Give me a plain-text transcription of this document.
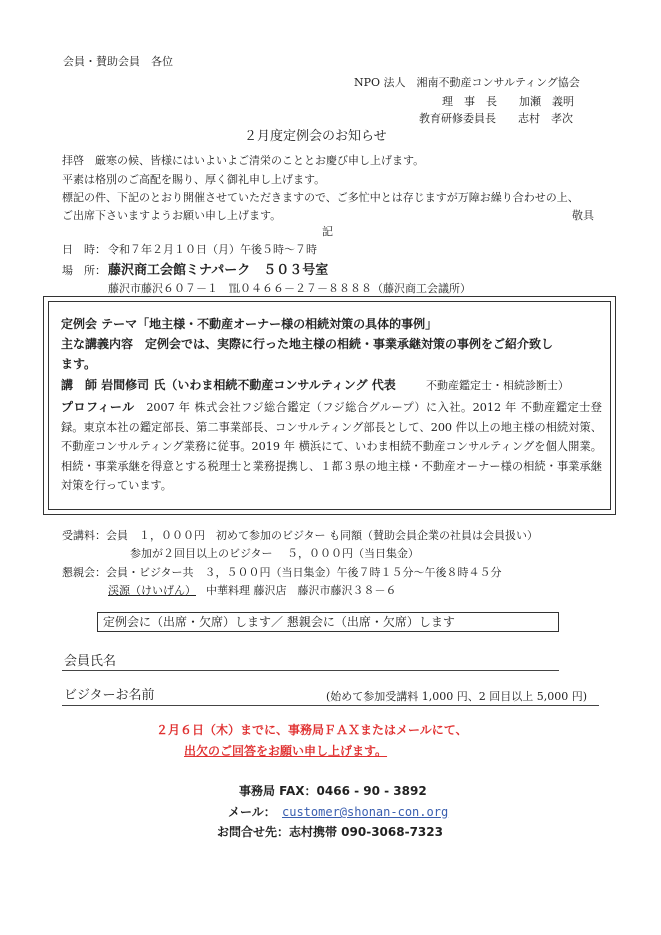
会員・賛助会員　各位
NPO 法人　湘南不動産コンサルティング協会
理　事　長　　加瀬　義明
教育研修委員長　　志村　孝次
２月度定例会のお知らせ
拝啓　厳寒の候、皆様にはいよいよご清栄のこととお慶び申し上げます。
平素は格別のご高配を賜り、厚く御礼申し上げます。
標記の件、下記のとおり開催させていただきますので、ご多忙中とは存じますが万障お繰り合わせの上、
ご出席下さいますようお願い申し上げます。	敬具
記
日　時： 令和７年２月１０日（月）午後５時～７時
場　所： 藤沢商工会館ミナパーク　５０３号室
藤沢市藤沢６０７－１　℡０４６６－２７－８８８８（藤沢商工会議所）
定例会 テーマ「地主様・不動産オーナー様の相続対策の具体的事例」
主な講義内容　定例会では、実際に行った地主様の相続・事業承継対策の事例をご紹介致し
ます。
講　師 岩間修司 氏（いわま相続不動産コンサルティング 代表	不動産鑑定士・相続診断士）
プロフィール　 2007 年 株式会社フジ総合鑑定（フジ総合グループ）に入社。2012 年 不動産鑑定士登録。東京本社の鑑定部長、第二事業部長、コンサルティング部長として、200 件以上の地主様の相続対策、不動産コンサルティング業務に従事。2019 年 横浜にて、いわま相続不動産コンサルティングを個人開業。相続・事業承継を得意とする税理士と業務提携し、１都３県の地主様・不動産オーナー様の相続・事業承継対策を行っています。
受講料：会員　１，０００円　初めて参加のビジター も同額（賛助会員企業の社員は会員扱い）
参加が２回目以上のビジター　 ５，０００円（当日集金）
懇親会：会員・ビジター共　３，５００円（当日集金）午後７時１５分～午後８時４５分
渓源（けいげん） 中華料理 藤沢店　藤沢市藤沢３８－６
定例会に（出席・欠席）します／ 懇親会に（出席・欠席）します
会員氏名
ビジターお名前	(始めて参加受講料 1,000 円、2 回目以上 5,000 円)
２月６日（木）までに、事務局ＦＡＸまたはメールにて、
出欠のご回答をお願い申し上げます。
事務局 FAX：0466 - 90 - 3892
メール： customer@shonan-con.org
お問合せ先：志村携帯 090-3068-7323
